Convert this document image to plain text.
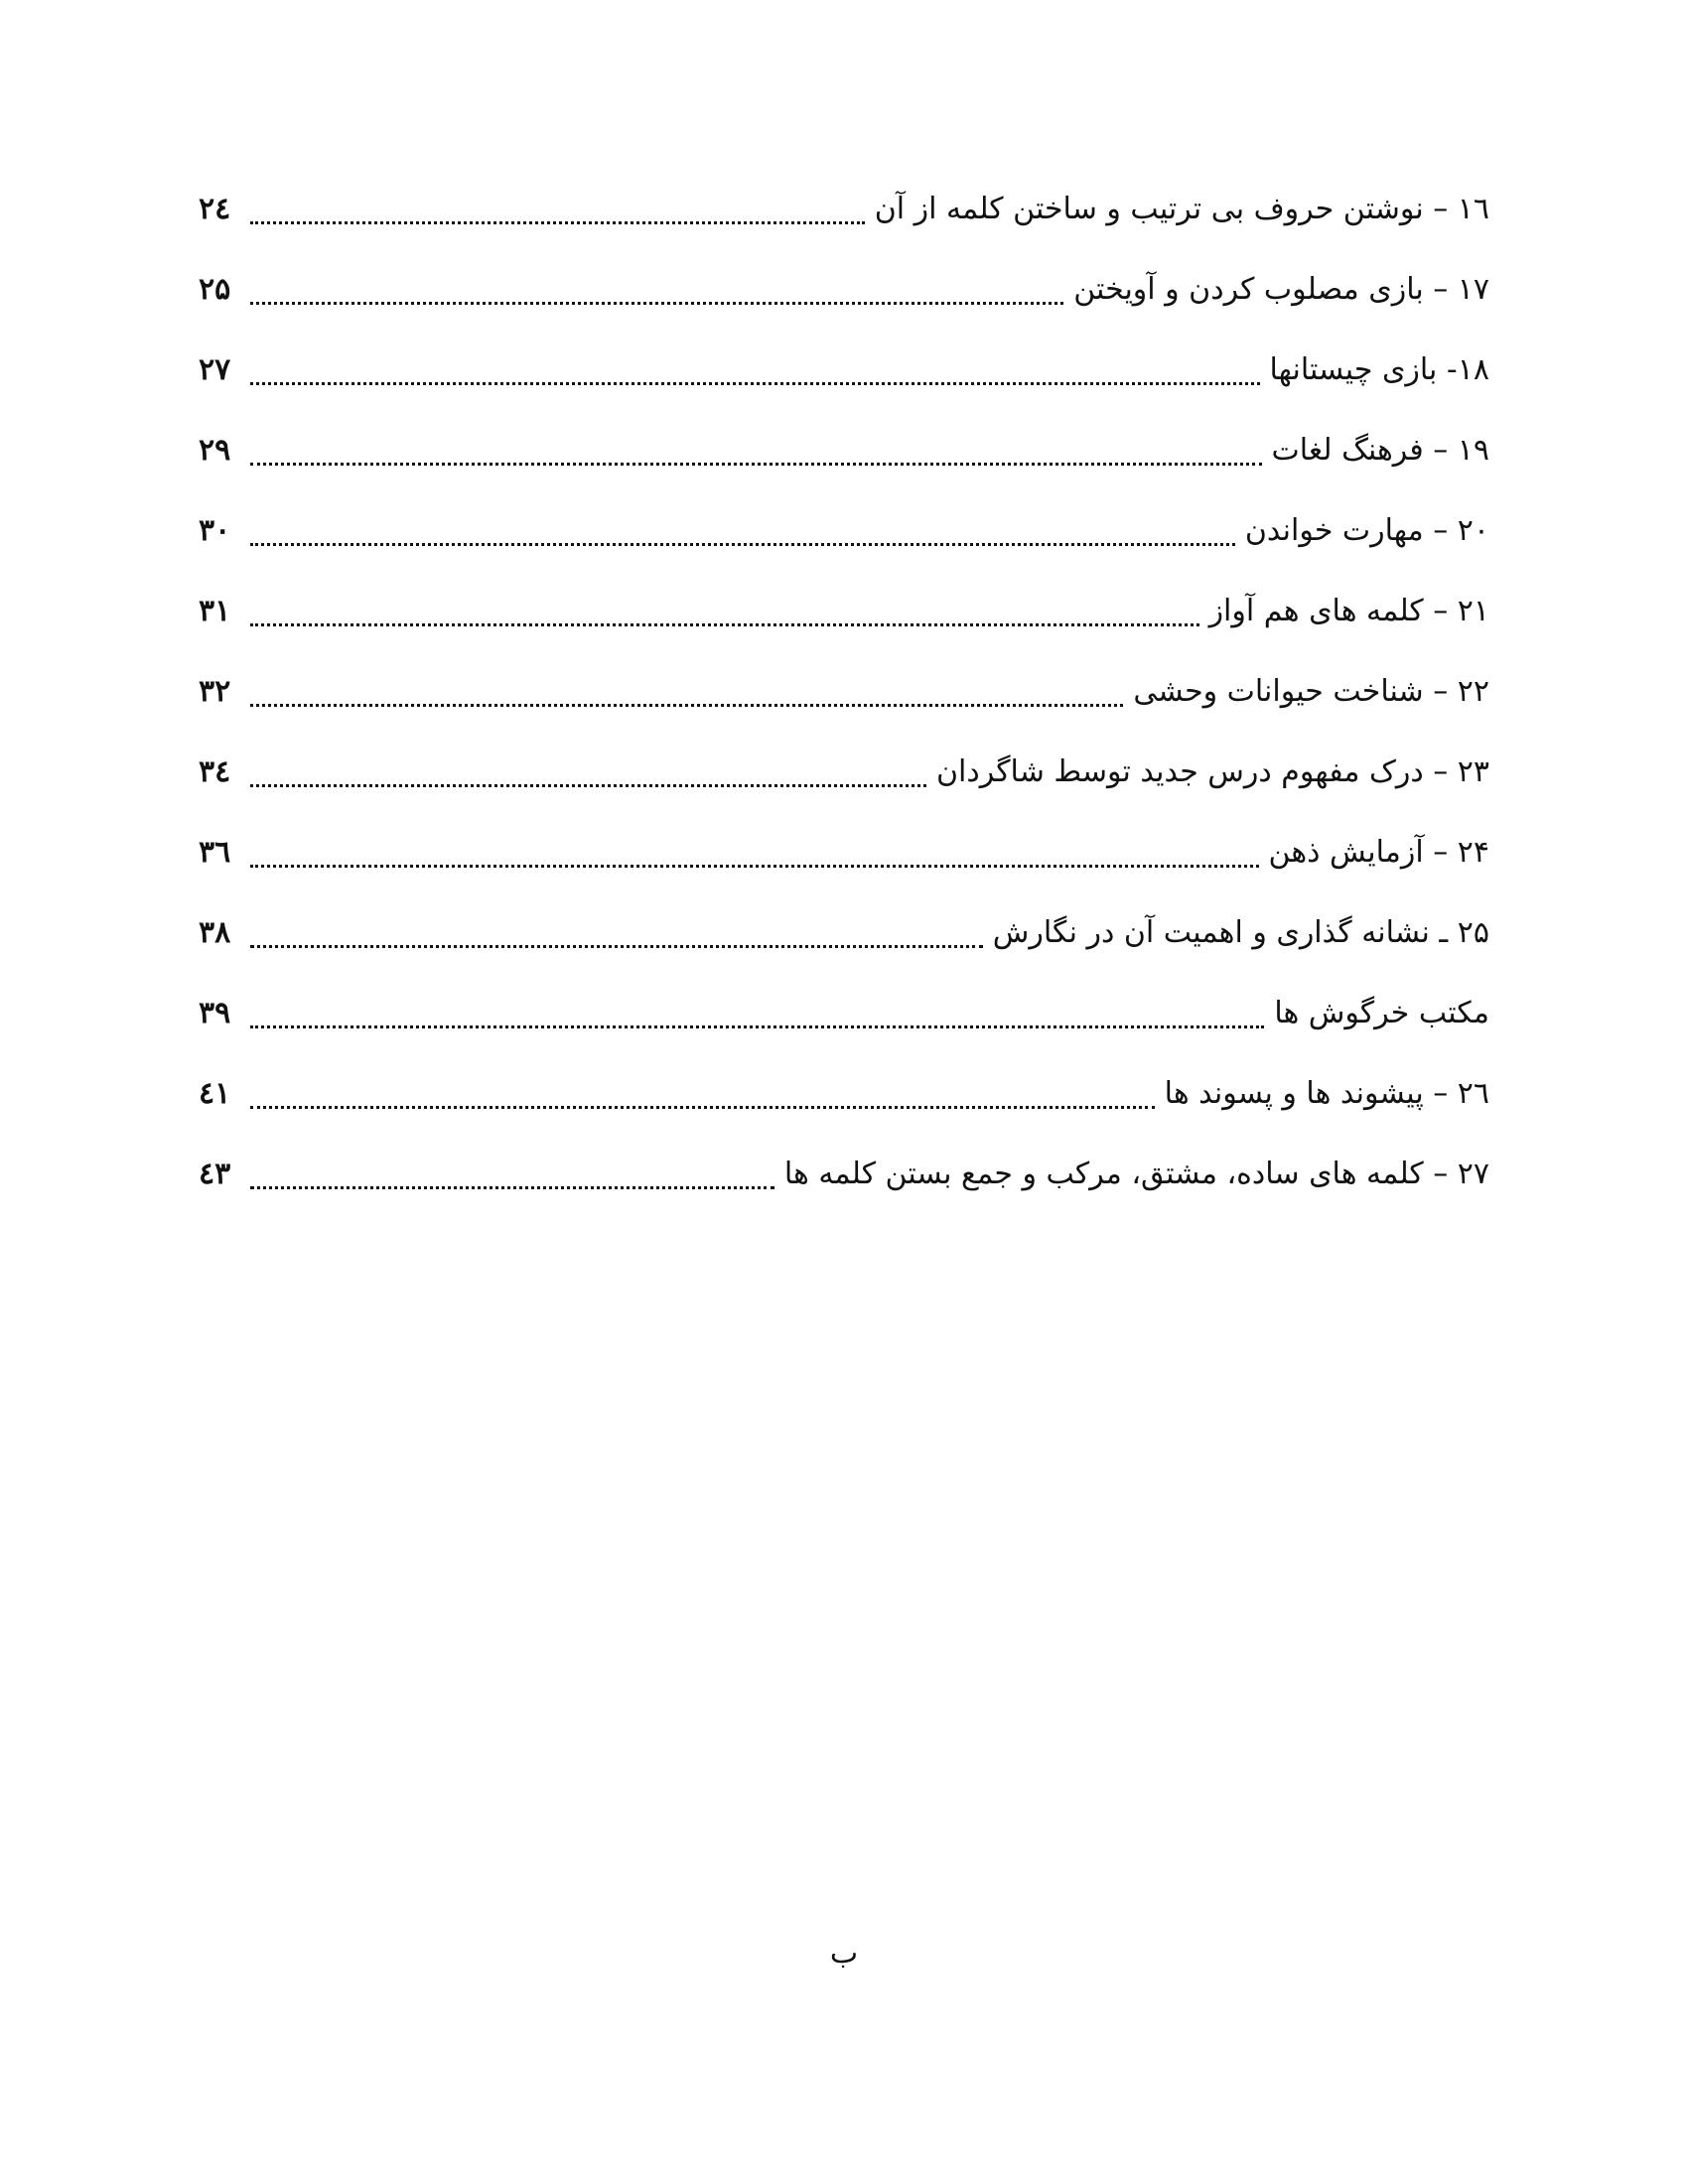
۱٦ – نوشتن حروف بی ترتیب و ساختن کلمه از آن
۲٤
۱۷ – بازی مصلوب کردن و آویختن
۲۵
۱۸- بازی چیستانها
۲۷
۱۹ – فرهنگ لغات
۲۹
۲۰ – مهارت خواندن
۳۰
۲۱ – کلمه های هم آواز
۳۱
۲۲ – شناخت حیوانات وحشی
۳۲
۲۳ – درک مفهوم درس جدید توسط شاگردان
۳٤
۲۴ – آزمایش ذهن
۳٦
۲۵ ـ نشانه گذاری و اهمیت آن در نگارش
۳۸
مکتب خرگوش ها
۳۹
۲٦ – پیشوند ها و پسوند ها
٤۱
۲۷ – کلمه های ساده، مشتق، مرکب و جمع بستن کلمه ها
٤۳
ب
